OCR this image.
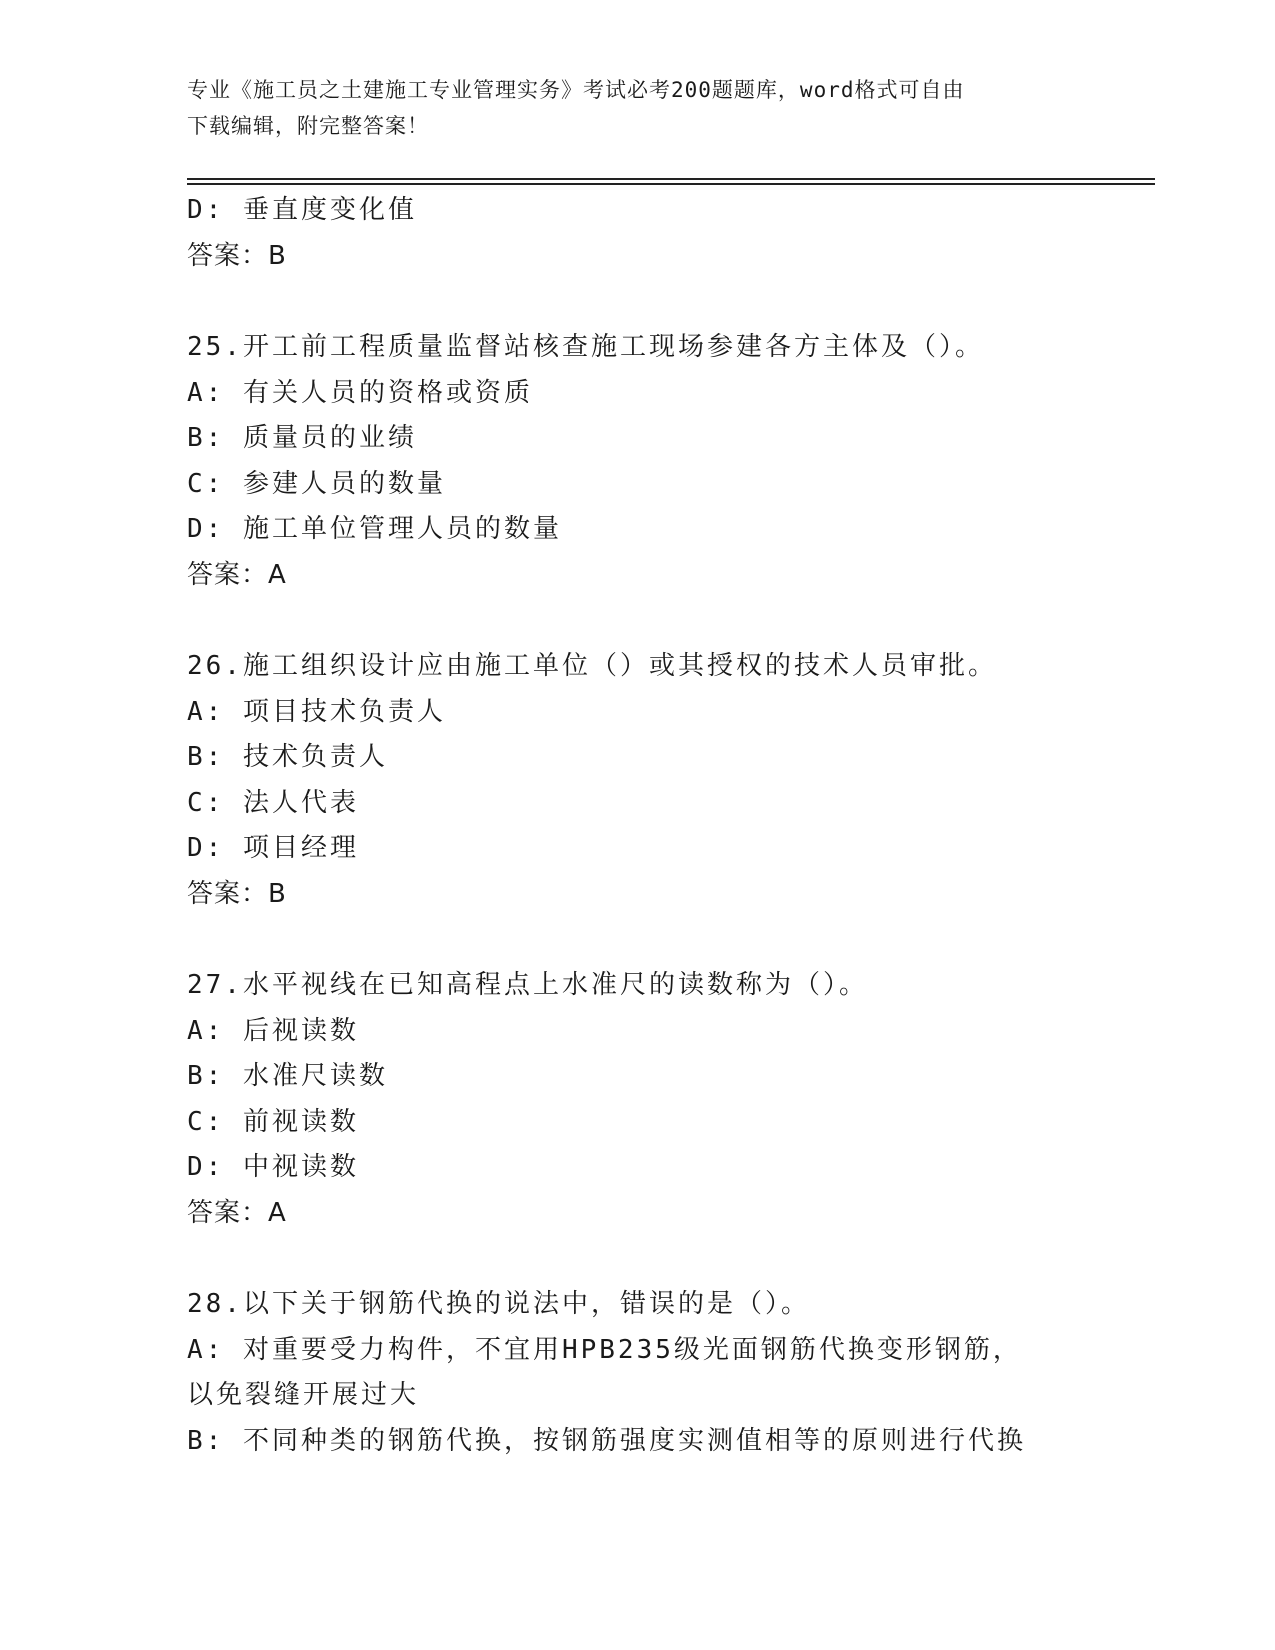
专业《施工员之土建施工专业管理实务》考试必考200题题库，word格式可自由
下载编辑，附完整答案！
D: 垂直度变化值
答案：B
25.开工前工程质量监督站核查施工现场参建各方主体及（）。
A: 有关人员的资格或资质
B: 质量员的业绩
C: 参建人员的数量
D: 施工单位管理人员的数量
答案：A
26.施工组织设计应由施工单位（）或其授权的技术人员审批。
A: 项目技术负责人
B: 技术负责人
C: 法人代表
D: 项目经理
答案：B
27.水平视线在已知高程点上水准尺的读数称为（）。
A: 后视读数
B: 水准尺读数
C: 前视读数
D: 中视读数
答案：A
28.以下关于钢筋代换的说法中，错误的是（）。
A: 对重要受力构件，不宜用HPB235级光面钢筋代换变形钢筋，以免裂缝开展过大
B: 不同种类的钢筋代换，按钢筋强度实测值相等的原则进行代换
